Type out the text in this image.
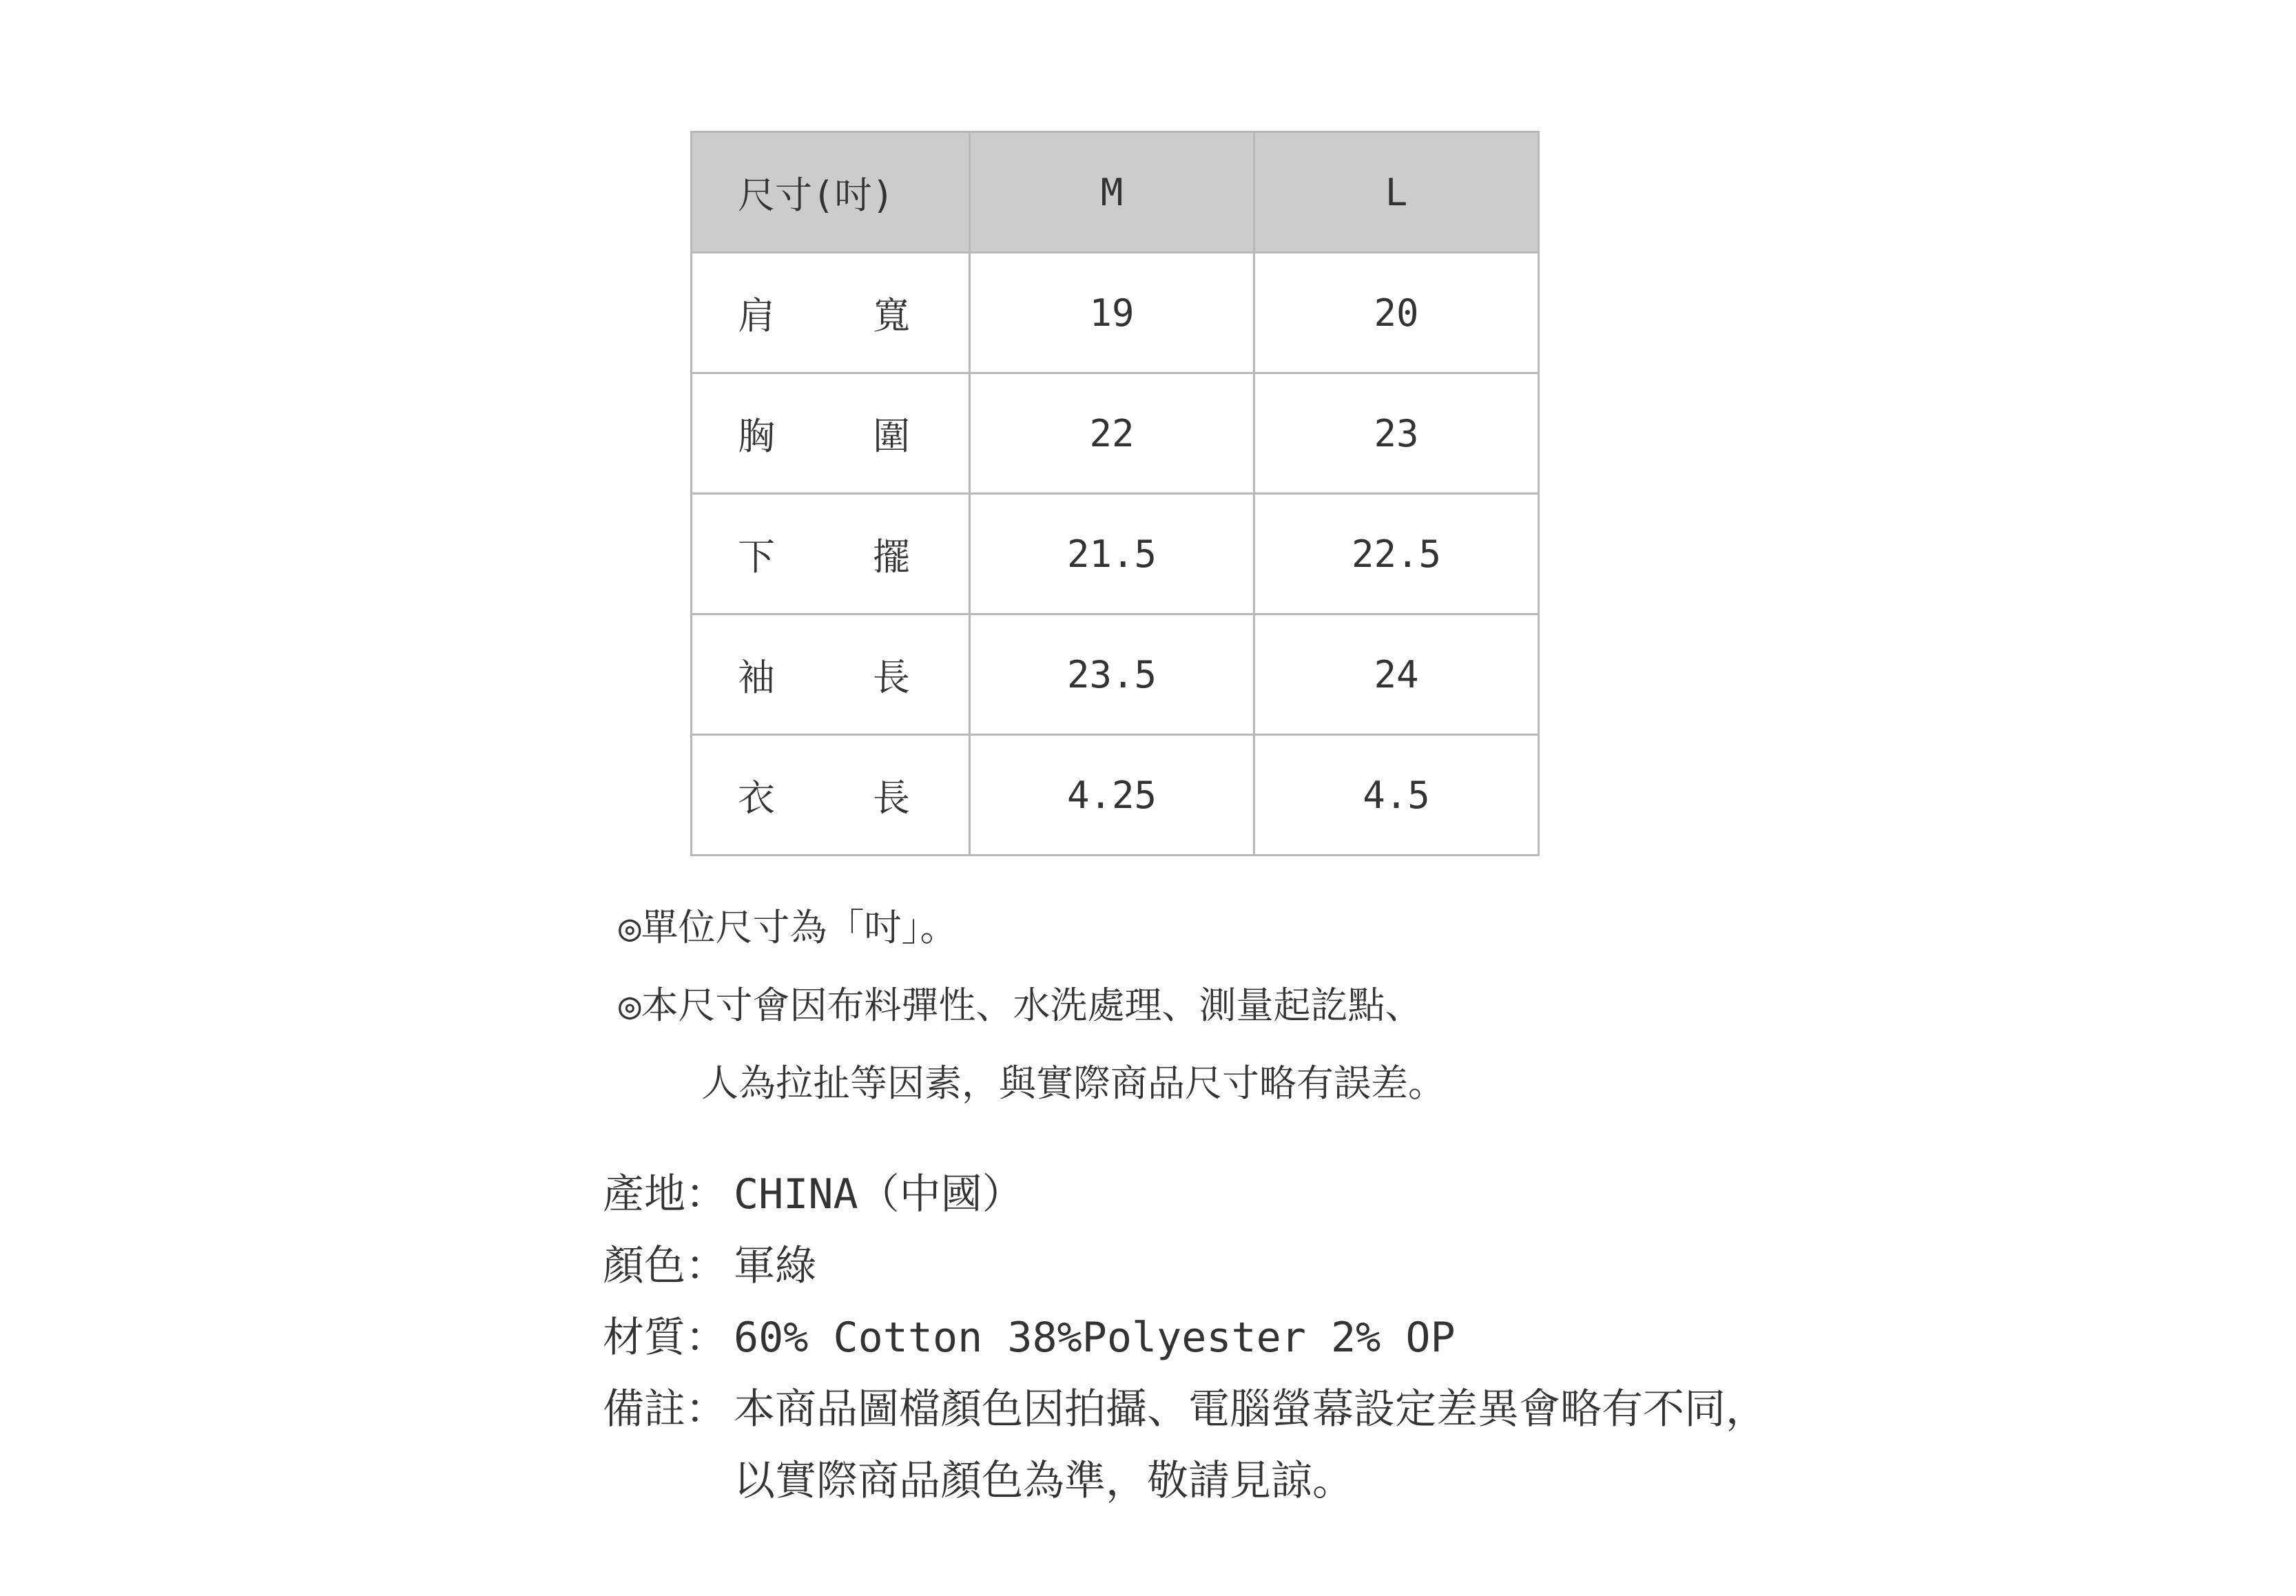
尺寸(吋)	M	L

肩 寬	19	20

胸 圍	22	23

下 擺	21.5	22.5

袖 長	23.5	24

衣 長	4.25	4.5
◎單位尺寸為「吋」。
◎本尺寸會因布料彈性、水洗處理、測量起訖點、
人為拉扯等因素，與實際商品尺寸略有誤差。
產地： CHINA（中國）
顏色： 軍綠
材質： 60% Cotton 38%Polyester 2% OP
備註： 本商品圖檔顏色因拍攝、電腦螢幕設定差異會略有不同，
以實際商品顏色為準，敬請見諒。
